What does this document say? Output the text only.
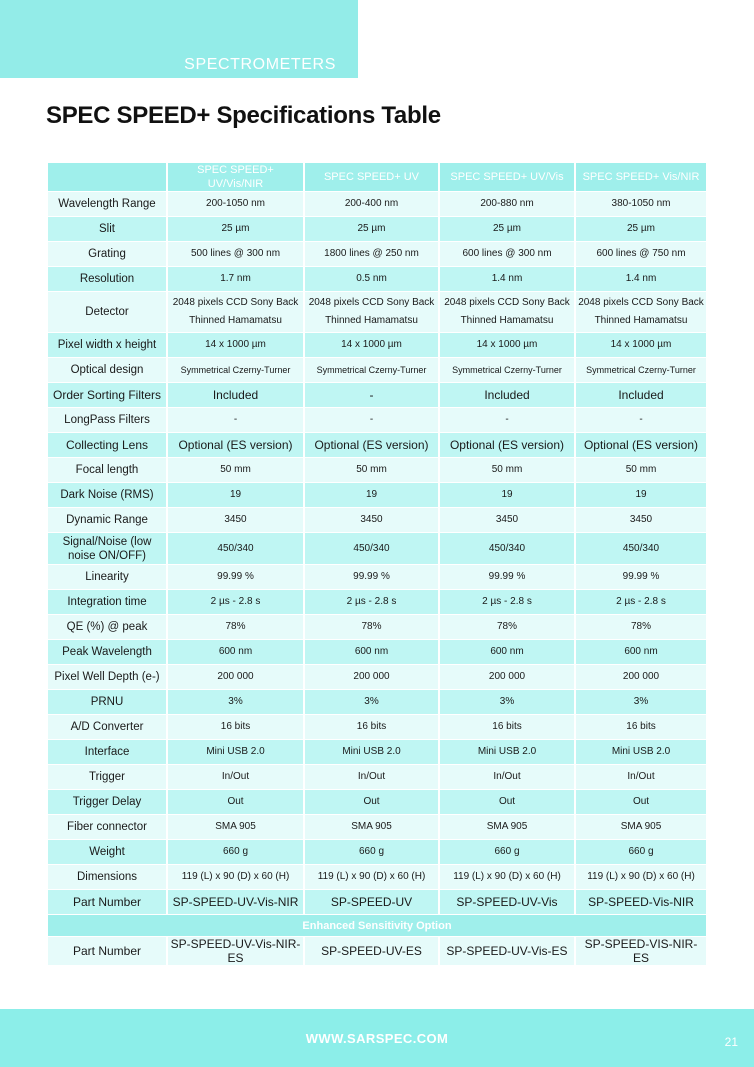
SPECTROMETERS
SPEC SPEED+ Specifications Table
	SPEC SPEED+ UV/Vis/NIR	SPEC SPEED+ UV	SPEC SPEED+ UV/Vis	SPEC SPEED+ Vis/NIR
Wavelength Range	200-1050 nm	200-400 nm	200-880 nm	380-1050 nm
Slit	25 µm	25 µm	25 µm	25 µm
Grating	500 lines @ 300 nm	1800 lines @ 250 nm	600 lines @ 300 nm	600 lines @ 750 nm
Resolution	1.7 nm	0.5 nm	1.4 nm	1.4 nm
Detector	2048 pixels CCD Sony Back Thinned Hamamatsu	2048 pixels CCD Sony Back Thinned Hamamatsu	2048 pixels CCD Sony Back Thinned Hamamatsu	2048 pixels CCD Sony Back Thinned Hamamatsu
Pixel width x height	14 x 1000 µm	14 x 1000 µm	14 x 1000 µm	14 x 1000 µm
Optical design	Symmetrical Czerny-Turner	Symmetrical Czerny-Turner	Symmetrical Czerny-Turner	Symmetrical Czerny-Turner
Order Sorting Filters	Included	-	Included	Included
LongPass Filters	-	-	-	-
Collecting Lens	Optional (ES version)	Optional (ES version)	Optional (ES version)	Optional (ES version)
Focal length	50 mm	50 mm	50 mm	50 mm
Dark Noise (RMS)	19	19	19	19
Dynamic Range	3450	3450	3450	3450
Signal/Noise (low noise ON/OFF)	450/340	450/340	450/340	450/340
Linearity	99.99 %	99.99 %	99.99 %	99.99 %
Integration time	2 µs - 2.8 s	2 µs - 2.8 s	2 µs - 2.8 s	2 µs - 2.8 s
QE (%) @ peak	78%	78%	78%	78%
Peak Wavelength	600 nm	600 nm	600 nm	600 nm
Pixel Well Depth (e-)	200 000	200 000	200 000	200 000
PRNU	3%	3%	3%	3%
A/D Converter	16 bits	16 bits	16 bits	16 bits
Interface	Mini USB 2.0	Mini USB 2.0	Mini USB 2.0	Mini USB 2.0
Trigger	In/Out	In/Out	In/Out	In/Out
Trigger Delay	Out	Out	Out	Out
Fiber connector	SMA 905	SMA 905	SMA 905	SMA 905
Weight	660 g	660 g	660 g	660 g
Dimensions	119 (L) x 90 (D) x 60 (H)	119 (L) x 90 (D) x 60 (H)	119 (L) x 90 (D) x 60 (H)	119 (L) x 90 (D) x 60 (H)
Part Number	SP-SPEED-UV-Vis-NIR	SP-SPEED-UV	SP-SPEED-UV-Vis	SP-SPEED-Vis-NIR
Enhanced Sensitivity Option				
Part Number	SP-SPEED-UV-Vis-NIR-ES	SP-SPEED-UV-ES	SP-SPEED-UV-Vis-ES	SP-SPEED-VIS-NIR-ES
WWW.SARSPEC.COM	21
